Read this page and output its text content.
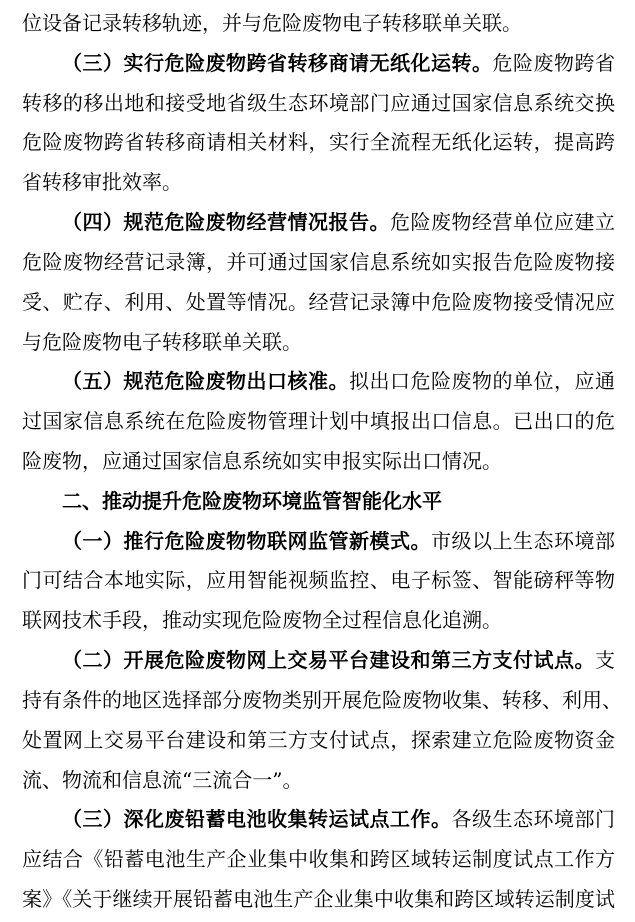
位设备记录转移轨迹，并与危险废物电子转移联单关联。
（三）实行危险废物跨省转移商请无纸化运转。危险废物跨省
转移的移出地和接受地省级生态环境部门应通过国家信息系统交换
危险废物跨省转移商请相关材料，实行全流程无纸化运转，提高跨
省转移审批效率。
（四）规范危险废物经营情况报告。危险废物经营单位应建立
危险废物经营记录簿，并可通过国家信息系统如实报告危险废物接
受、贮存、利用、处置等情况。经营记录簿中危险废物接受情况应
与危险废物电子转移联单关联。
（五）规范危险废物出口核准。拟出口危险废物的单位，应通
过国家信息系统在危险废物管理计划中填报出口信息。已出口的危
险废物，应通过国家信息系统如实申报实际出口情况。
二、推动提升危险废物环境监管智能化水平
（一）推行危险废物物联网监管新模式。市级以上生态环境部
门可结合本地实际，应用智能视频监控、电子标签、智能磅秤等物
联网技术手段，推动实现危险废物全过程信息化追溯。
（二）开展危险废物网上交易平台建设和第三方支付试点。支
持有条件的地区选择部分废物类别开展危险废物收集、转移、利用、
处置网上交易平台建设和第三方支付试点，探索建立危险废物资金
流、物流和信息流“三流合一”。
（三）深化废铅蓄电池收集转运试点工作。各级生态环境部门
应结合《铅蓄电池生产企业集中收集和跨区域转运制度试点工作方
案》《关于继续开展铅蓄电池生产企业集中收集和跨区域转运制度试
